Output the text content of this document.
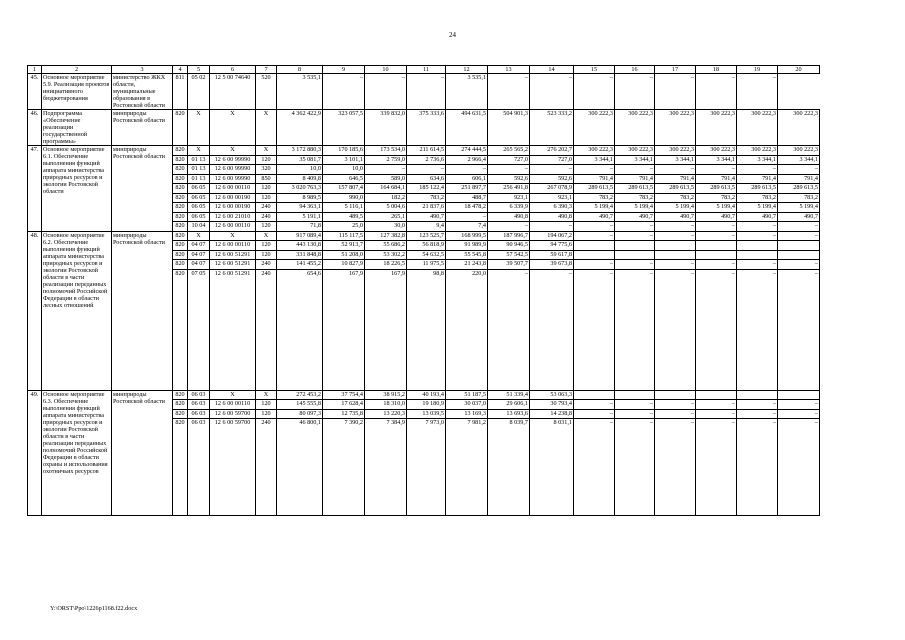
24
1	2	3	4	5	6	7	8	9	10	11	12	13	14	15	16	17	18	19	20
45.	Основное мероприятие 5.9. Реализация проектов инициативного бюджетирования	министерство ЖКХ области, муниципальные образования в Ростовской области	811	05 02	12 5 00 74640	520	3 535,1	–	–	–	3 535,1	–	–	–	–	–	–	–	
46.	Подпрограмма «Обеспечение реализации государственной программы»	минприроды Ростовской области	820	Х	Х	Х	4 362 422,9	323 057,5	339 832,0	375 333,6	494 631,5	504 901,3	523 333,2	300 222,3	300 222,3	300 222,3	300 222,3	300 222,3	300 222,3
47.	Основное мероприятие 6.1. Обеспечение выполнения функций аппарата министерства природных ресурсов и экологии Ростовской области	минприроды Ростовской области	820	Х	Х	Х	3 172 880,3	170 185,6	173 534,0	211 614,5	274 444,5	265 565,2	276 202,7	300 222,3	300 222,3	300 222,3	300 222,3	300 222,3	300 222,3
			820	01 13	12 6 00 99990	120	35 081,7	3 101,1	2 759,0	2 736,6	2 966,4	727,0	727,0	3 344,1	3 344,1	3 344,1	3 344,1	3 344,1	3 344,1
			820	01 13	12 6 00 99990	320	10,0	10,0	–	–	–	–	–	–	–	–	–	–	–
			820	01 13	12 6 00 99990	850	8 409,8	646,5	589,0	634,6	606,1	592,6	592,6	791,4	791,4	791,4	791,4	791,4	791,4
			820	06 05	12 6 00 00110	120	3 020 763,3	157 807,4	164 684,1	185 122,4	251 897,7	256 491,8	267 078,9	289 613,5	289 613,5	289 613,5	289 613,5	289 613,5	289 613,5
			820	06 05	12 6 00 00190	120	8 989,5	990,0	182,2	783,2	488,7	923,1	923,1	783,2	783,2	783,2	783,2	783,2	783,2
			820	06 05	12 6 00 00190	240	94 363,1	5 116,1	5 004,6	21 837,6	18 478,2	6 339,9	6 390,3	5 199,4	5 199,4	5 199,4	5 199,4	5 199,4	5 199,4
			820	06 05	12 6 00 21010	240	5 191,1	489,5	265,1	490,7	–	490,8	490,8	490,7	490,7	490,7	490,7	490,7	490,7
			820	10 04	12 6 00 00110	120	71,8	25,0	30,0	9,4	7,4	–	–	–	–	–	–	–	–
48.	Основное мероприятие 6.2. Обеспечение выполнения функций аппарата министерства природных ресурсов и экологии Ростовской области в части реализации переданных полномочий Российской Федерации в области лесных отношений	минприроды Ростовской области	820	Х	Х	Х	917 089,4	115 117,5	127 382,8	123 525,7	168 999,5	187 996,7	194 067,2	–	–	–	–	–	–
			820	04 07	12 6 00 00110	120	443 130,8	52 913,7	55 686,2	56 818,9	91 989,9	90 946,5	94 775,6						
			820	04 07	12 6 00 51291	120	331 848,8	51 208,0	53 302,2	54 632,5	55 545,8	57 542,5	59 617,8						
			820	04 07	12 6 00 51291	240	141 455,2	10 827,9	18 226,5	11 975,5	21 243,8	39 507,7	39 673,8	–	–	–	–	–	–
			820	07 05	12 6 00 51291	240	654,6	167,9	167,9	98,8	220,0	–	–	–	–	–	–	–	–
49.	Основное мероприятие 6.3. Обеспечение выполнения функций аппарата министерства природных ресурсов и экологии Ростовской области в части реализации переданных полномочий Российской Федерации в области охраны и использования охотничьих ресурсов	минприроды Ростовской области	820	06 03	Х	Х	272 453,2	37 754,4	38 915,2	40 193,4	51 187,5	51 339,4	53 063,3						
			820	06 03	12 6 00 00110	120	145 555,8	17 628,4	18 310,0	19 180,9	30 037,0	29 606,1	30 793,4	–	–	–	–	–	–
			820	06 03	12 6 00 59700	120	80 097,3	12 735,8	13 220,3	13 039,5	13 169,3	13 693,6	14 238,8	–	–	–	–	–	–
			820	06 03	12 6 00 59700	240	46 800,1	7 390,2	7 384,9	7 973,0	7 981,2	8 039,7	8 031,1	–	–	–	–	–	–
Y:\ORST\Ppo\1226p1168.f22.docx
